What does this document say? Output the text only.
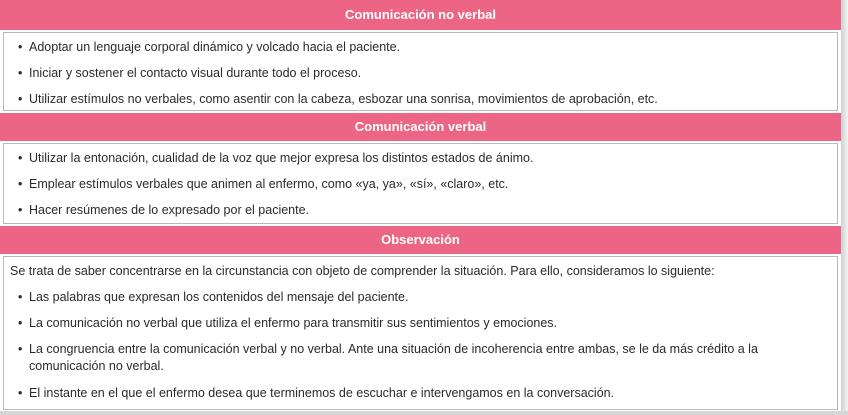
Comunicación no verbal
• Adoptar un lenguaje corporal dinámico y volcado hacia el paciente.
• Iniciar y sostener el contacto visual durante todo el proceso.
• Utilizar estímulos no verbales, como asentir con la cabeza, esbozar una sonrisa, movimientos de aprobación, etc.
Comunicación verbal
• Utilizar la entonación, cualidad de la voz que mejor expresa los distintos estados de ánimo.
• Emplear estímulos verbales que animen al enfermo, como «ya, ya», «sí», «claro», etc.
• Hacer resúmenes de lo expresado por el paciente.
Observación
Se trata de saber concentrarse en la circunstancia con objeto de comprender la situación. Para ello, consideramos lo siguiente:
• Las palabras que expresan los contenidos del mensaje del paciente.
• La comunicación no verbal que utiliza el enfermo para transmitir sus sentimientos y emociones.
• La congruencia entre la comunicación verbal y no verbal. Ante una situación de incoherencia entre ambas, se le da más crédito a la comunicación no verbal.
• El instante en el que el enfermo desea que terminemos de escuchar e intervengamos en la conversación.
